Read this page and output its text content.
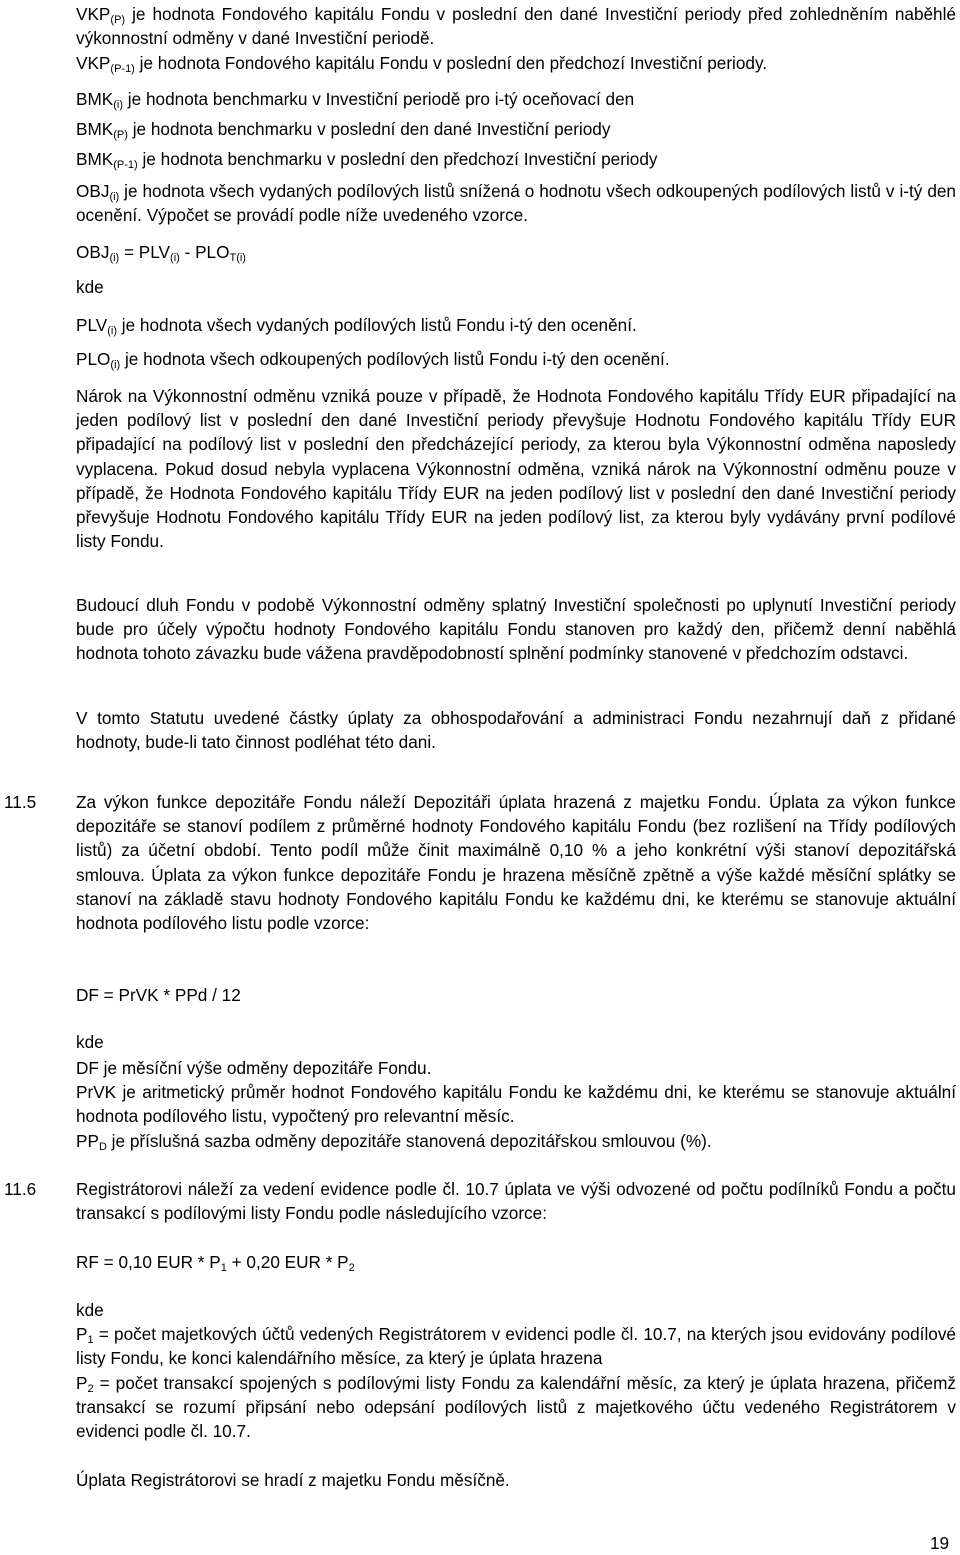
$VKP_{(P)}$ je hodnota Fondového kapitálu Fondu v poslední den dané Investiční periody před zohledněním naběhlé výkonnostní odměny v dané Investiční periodě.

$VKP_{(P-1)}$ je hodnota Fondového kapitálu Fondu v poslední den předchozí Investiční periody.

$BMK_{(i)}$ je hodnota benchmarku v Investiční periodě pro i-tý oceňovací den

$BMK_{(P)}$ je hodnota benchmarku v poslední den dané Investiční periody

$BMK_{(P-1)}$ je hodnota benchmarku v poslední den předchozí Investiční periody

$OBJ_{(i)}$ je hodnota všech vydaných podílových listů snížená o hodnotu všech odkoupených podílových listů v i-tý den ocenění. Výpočet se provádí podle níže uvedeného vzorce.

$OBJ_{(i)} = PLV_{(i)} - PLO_{T(i)}$

kde

$PLV_{(i)}$ je hodnota všech vydaných podílových listů Fondu i-tý den ocenění.

$PLO_{(i)}$ je hodnota všech odkoupených podílových listů Fondu i-tý den ocenění.

Nárok na Výkonnostní odměnu vzniká pouze v případě, že Hodnota Fondového kapitálu Třídy EUR připadající na jeden podílový list v poslední den dané Investiční periody převyšuje Hodnotu Fondového kapitálu Třídy EUR připadající na podílový list v poslední den předcházející periody, za kterou byla Výkonnostní odměna naposledy vyplacena. Pokud dosud nebyla vyplacena Výkonnostní odměna, vzniká nárok na Výkonnostní odměnu pouze v případě, že Hodnota Fondového kapitálu Třídy EUR na jeden podílový list v poslední den dané Investiční periody převyšuje Hodnotu Fondového kapitálu Třídy EUR na jeden podílový list, za kterou byly vydávány první podílové listy Fondu.

Budoucí dluh Fondu v podobě Výkonnostní odměny splatný Investiční společnosti po uplynutí Investiční periody bude pro účely výpočtu hodnoty Fondového kapitálu Fondu stanoven pro každý den, přičemž denní naběhlá hodnota tohoto závazku bude vážena pravděpodobností splnění podmínky stanovené v předchozím odstavci.

V tomto Statutu uvedené částky úplaty za obhospodařování a administraci Fondu nezahrnují daň z přidané hodnoty, bude-li tato činnost podléhat této dani.

11.5 Za výkon funkce depozitáře Fondu náleží Depozitáři úplata hrazená z majetku Fondu. Úplata za výkon funkce depozitáře se stanoví podílem z průměrné hodnoty Fondového kapitálu Fondu (bez rozlišení na Třídy podílových listů) za účetní období. Tento podíl může činit maximálně 0,10 % a jeho konkrétní výši stanoví depozitářská smlouva. Úplata za výkon funkce depozitáře Fondu je hrazena měsíčně zpětně a výše každé měsíční splátky se stanoví na základě stavu hodnoty Fondového kapitálu Fondu ke každému dni, ke kterému se stanovuje aktuální hodnota podílového listu podle vzorce:

DF = PrVK * PPd / 12

kde

DF je měsíční výše odměny depozitáře Fondu.

PrVK je aritmetický průměr hodnot Fondového kapitálu Fondu ke každému dni, ke kterému se stanovuje aktuální hodnota podílového listu, vypočtený pro relevantní měsíc.

$PP_D$ je příslušná sazba odměny depozitáře stanovená depozitářskou smlouvou (%).

11.6 Registrátorovi náleží za vedení evidence podle čl. 10.7 úplata ve výši odvozené od počtu podílníků Fondu a počtu transakcí s podílovými listy Fondu podle následujícího vzorce:

RF = 0,10 EUR * $P_1 + 0,20$ EUR * $P_2$

kde

$P_1$ = počet majetkových účtů vedených Registrátorem v evidenci podle čl. 10.7, na kterých jsou evidovány podílové listy Fondu, ke konci kalendářního měsíce, za který je úplata hrazena

$P_2$ = počet transakcí spojených s podílovými listy Fondu za kalendářní měsíc, za který je úplata hrazena, přičemž transakcí se rozumí připsání nebo odepsání podílových listů z majetkového účtu vedeného Registrátorem v evidenci podle čl. 10.7.

Úplata Registrátorovi se hradí z majetku Fondu měsíčně.

19
